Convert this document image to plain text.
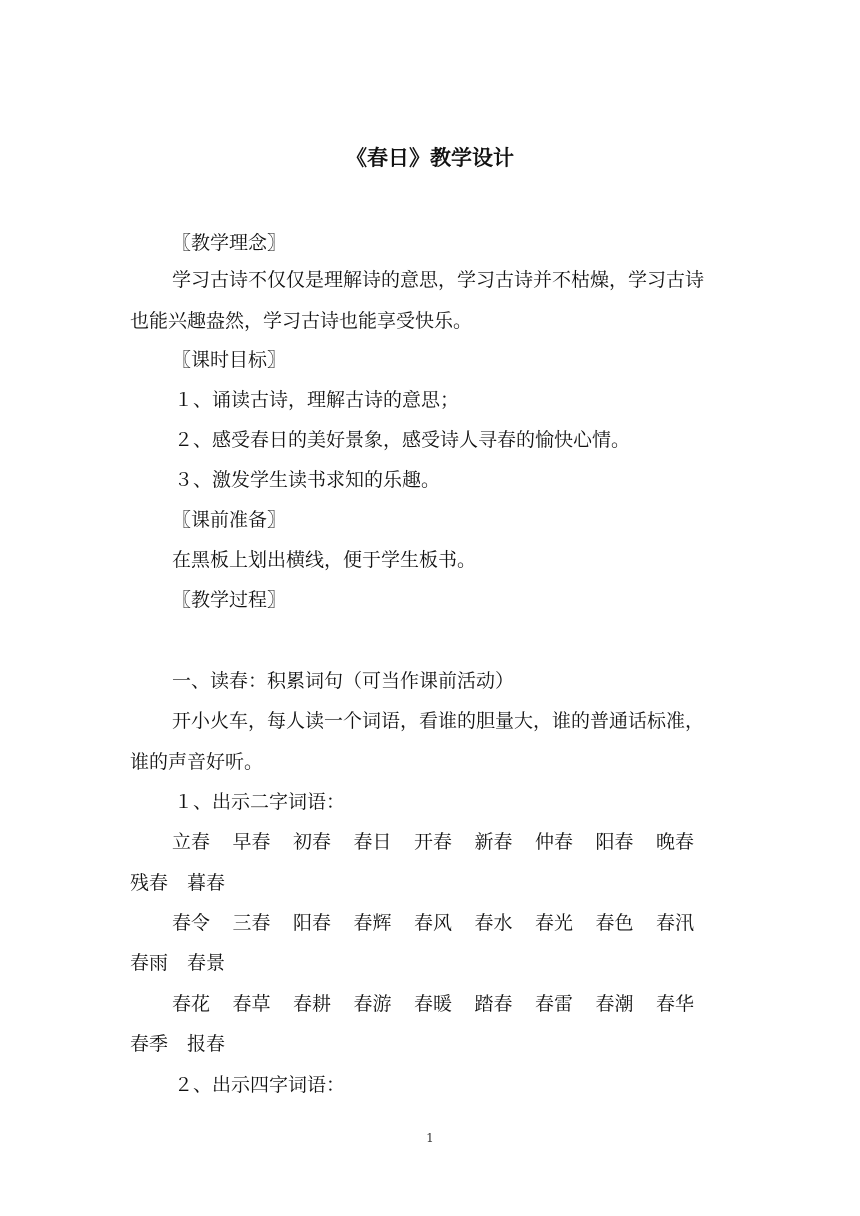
《春日》教学设计
〖教学理念〗
学习古诗不仅仅是理解诗的意思，学习古诗并不枯燥，学习古诗
也能兴趣盎然，学习古诗也能享受快乐。
〖课时目标〗
１、诵读古诗，理解古诗的意思；
２、感受春日的美好景象，感受诗人寻春的愉快心情。
３、激发学生读书求知的乐趣。
〖课前准备〗
在黑板上划出横线，便于学生板书。
〖教学过程〗
一、读春：积累词句（可当作课前活动）
开小火车，每人读一个词语，看谁的胆量大，谁的普通话标准，
谁的声音好听。
１、出示二字词语：
立春 早春 初春 春日 开春 新春 仲春 阳春 晚春
残春　暮春
春令 三春 阳春 春辉 春风 春水 春光 春色 春汛
春雨　春景
春花 春草 春耕 春游 春暖 踏春 春雷 春潮 春华
春季　报春
２、出示四字词语：
1
